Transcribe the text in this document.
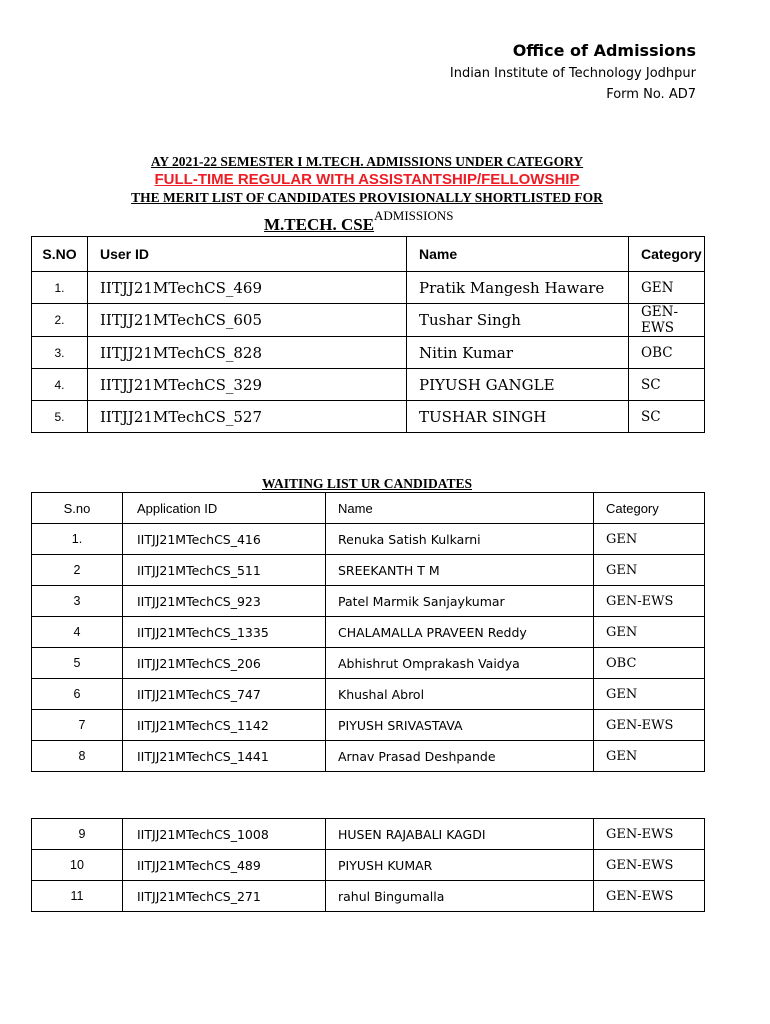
Office of Admissions
Indian Institute of Technology Jodhpur
Form No. AD7
AY 2021-22 SEMESTER I M.TECH. ADMISSIONS UNDER CATEGORY
FULL-TIME REGULAR WITH ASSISTANTSHIP/FELLOWSHIP
THE MERIT LIST OF CANDIDATES PROVISIONALLY SHORTLISTED FOR
ADMISSIONS
M.TECH. CSE
S.NO	User ID	Name	Category
1.	IITJJ21MTechCS_469	Pratik Mangesh Haware	GEN
2.	IITJJ21MTechCS_605	Tushar Singh	GEN-EWS
3.	IITJJ21MTechCS_828	Nitin Kumar	OBC
4.	IITJJ21MTechCS_329	PIYUSH GANGLE	SC
5.	IITJJ21MTechCS_527	TUSHAR SINGH	SC
WAITING LIST UR CANDIDATES
S.no	Application ID	Name	Category
1.	IITJJ21MTechCS_416	Renuka Satish Kulkarni	GEN
2	IITJJ21MTechCS_511	SREEKANTH T M	GEN
3	IITJJ21MTechCS_923	Patel Marmik Sanjaykumar	GEN-EWS
4	IITJJ21MTechCS_1335	CHALAMALLA PRAVEEN Reddy	GEN
5	IITJJ21MTechCS_206	Abhishrut Omprakash Vaidya	OBC
6	IITJJ21MTechCS_747	Khushal Abrol	GEN
7	IITJJ21MTechCS_1142	PIYUSH SRIVASTAVA	GEN-EWS
8	IITJJ21MTechCS_1441	Arnav Prasad Deshpande	GEN
9	IITJJ21MTechCS_1008	HUSEN RAJABALI KAGDI	GEN-EWS
10	IITJJ21MTechCS_489	PIYUSH KUMAR	GEN-EWS
11	IITJJ21MTechCS_271	rahul Bingumalla	GEN-EWS
